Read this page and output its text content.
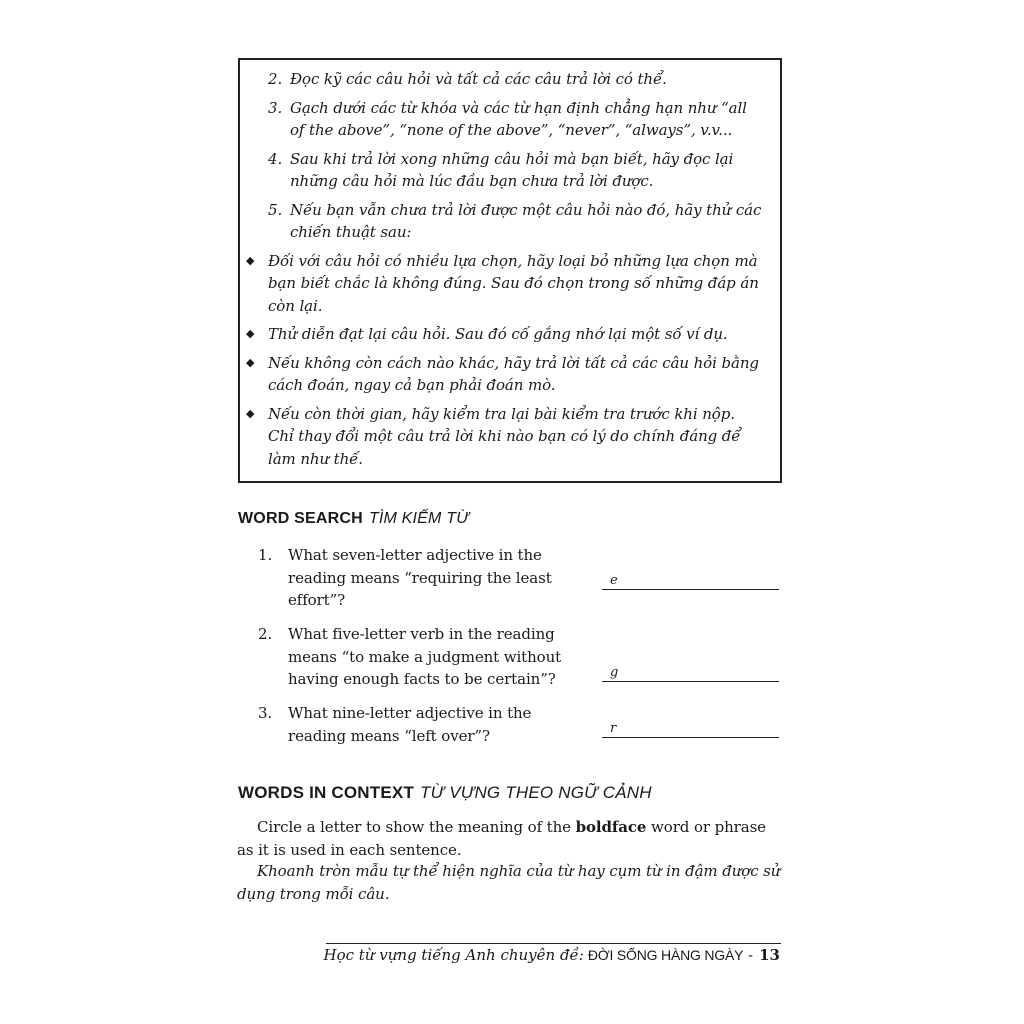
2. Đọc kỹ các câu hỏi và tất cả các câu trả lời có thể.

3. Gạch dưới các từ khóa và các từ hạn định chẳng hạn như “all of the above”, “none of the above”, “never”, “always”, v.v...

4. Sau khi trả lời xong những câu hỏi mà bạn biết, hãy đọc lại những câu hỏi mà lúc đầu bạn chưa trả lời được.

5. Nếu bạn vẫn chưa trả lời được một câu hỏi nào đó, hãy thử các chiến thuật sau:

◆ Đối với câu hỏi có nhiều lựa chọn, hãy loại bỏ những lựa chọn mà bạn biết chắc là không đúng. Sau đó chọn trong số những đáp án còn lại.

◆ Thử diễn đạt lại câu hỏi. Sau đó cố gắng nhớ lại một số ví dụ.

◆ Nếu không còn cách nào khác, hãy trả lời tất cả các câu hỏi bằng cách đoán, ngay cả bạn phải đoán mò.

◆ Nếu còn thời gian, hãy kiểm tra lại bài kiểm tra trước khi nộp. Chỉ thay đổi một câu trả lời khi nào bạn có lý do chính đáng để làm như thế.

WORD SEARCH TÌM KIẾM TỪ
1. What seven-letter adjective in the reading means “requiring the least effort”?
e
2. What five-letter verb in the reading means “to make a judgment without having enough facts to be certain”?	g
3. What nine-letter adjective in the reading means “left over”?	r
WORDS IN CONTEXT TỪ VỰNG THEO NGỮ CẢNH
Circle a letter to show the meaning of the boldface word or phrase as it is used in each sentence.
Khoanh tròn mẫu tự thể hiện nghĩa của từ hay cụm từ in đậm được sử dụng trong mỗi câu.
Học từ vựng tiếng Anh chuyên đề: ĐỜI SỐNG HÀNG NGÀY - 13
